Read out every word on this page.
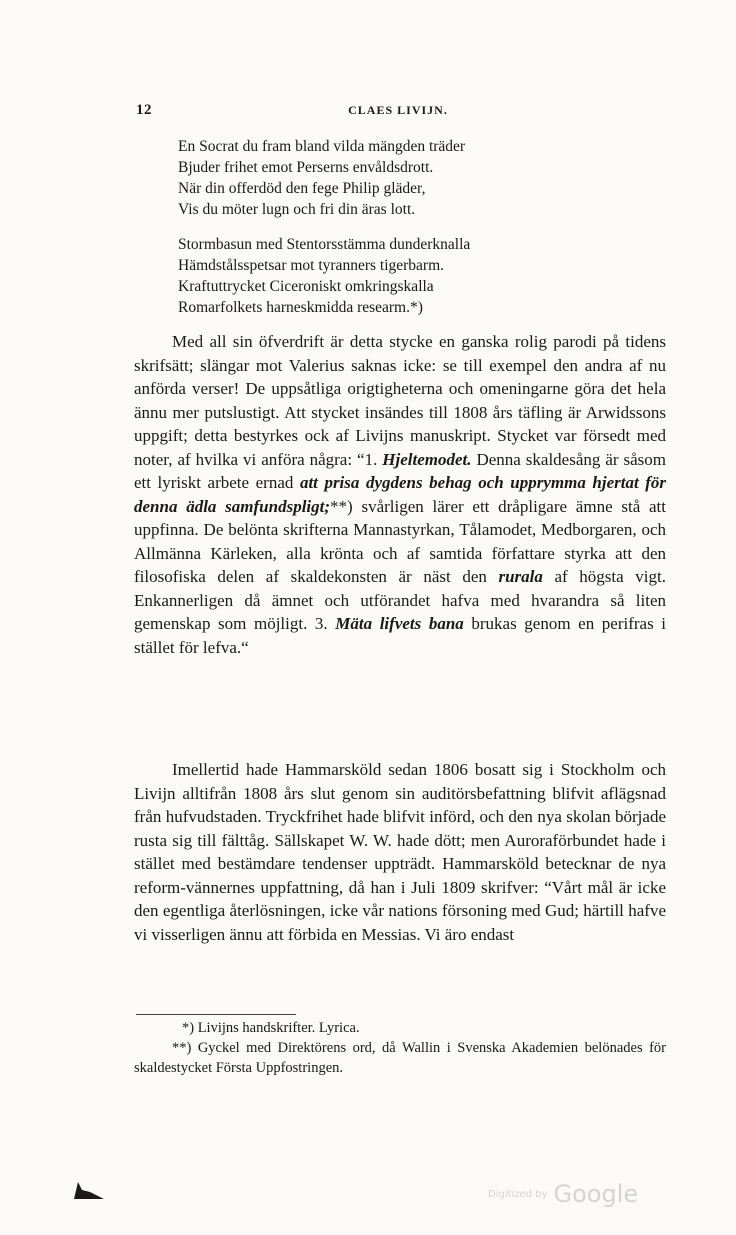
12	CLAES LIVIJN.
En Socrat du fram bland vilda mängden träder
Bjuder frihet emot Perserns envåldsdrott.
När din offerdöd den fege Philip gläder,
Vis du möter lugn och fri din äras lott.
Stormbasun med Stentorsstämma dunderknalla
Hämdstålsspetsar mot tyranners tigerbarm.
Kraftuttrycket Ciceroniskt omkringskalla
Romarfolkets harneskmidda researm.*)

Med all sin öfverdrift är detta stycke en ganska rolig parodi på tidens skrifsätt; slängar mot Valerius saknas icke: se till exempel den andra af nu anförda verser! De uppsåtliga origtigheterna och omeningarne göra det hela ännu mer putslustigt. Att stycket insändes till 1808 års täfling är Arwidssons uppgift; detta bestyrkes ock af Livijns manuskript. Stycket var försedt med noter, af hvilka vi anföra några: “1. Hjeltemodet. Denna skaldesång är såsom ett lyriskt arbete ernad att prisa dygdens behag och upprymma hjertat för denna ädla samfundspligt;**) svårligen lärer ett dråpligare ämne stå att uppfinna. De belönta skrifterna Mannastyrkan, Tålamodet, Medborgaren, och Allmänna Kärleken, alla krönta och af samtida författare styrka att den filosofiska delen af skaldekonsten är näst den rurala af högsta vigt. Enkannerligen då ämnet och utförandet hafva med hvarandra så liten gemenskap som möjligt. 3. Mäta lifvets bana brukas genom en perifras i stället för lefva.“

Imellertid hade Hammarsköld sedan 1806 bosatt sig i Stockholm och Livijn alltifrån 1808 års slut genom sin auditörsbefattning blifvit aflägsnad från hufvudstaden. Tryckfrihet hade blifvit införd, och den nya skolan började rusta sig till fälttåg. Sällskapet W. W. hade dött; men Auroraförbundet hade i stället med bestämdare tendenser uppträdt. Hammarsköld betecknar de nya reform-vännernes uppfattning, då han i Juli 1809 skrifver: “Vårt mål är icke den egentliga återlösningen, icke vår nations försoning med Gud; härtill hafve vi visserligen ännu att förbida en Messias. Vi äro endast

*) Livijns handskrifter. Lyrica.

**) Gyckel med Direktörens ord, då Wallin i Svenska Akademien belönades för skaldestycket Första Uppfostringen.

Digitized by Google
